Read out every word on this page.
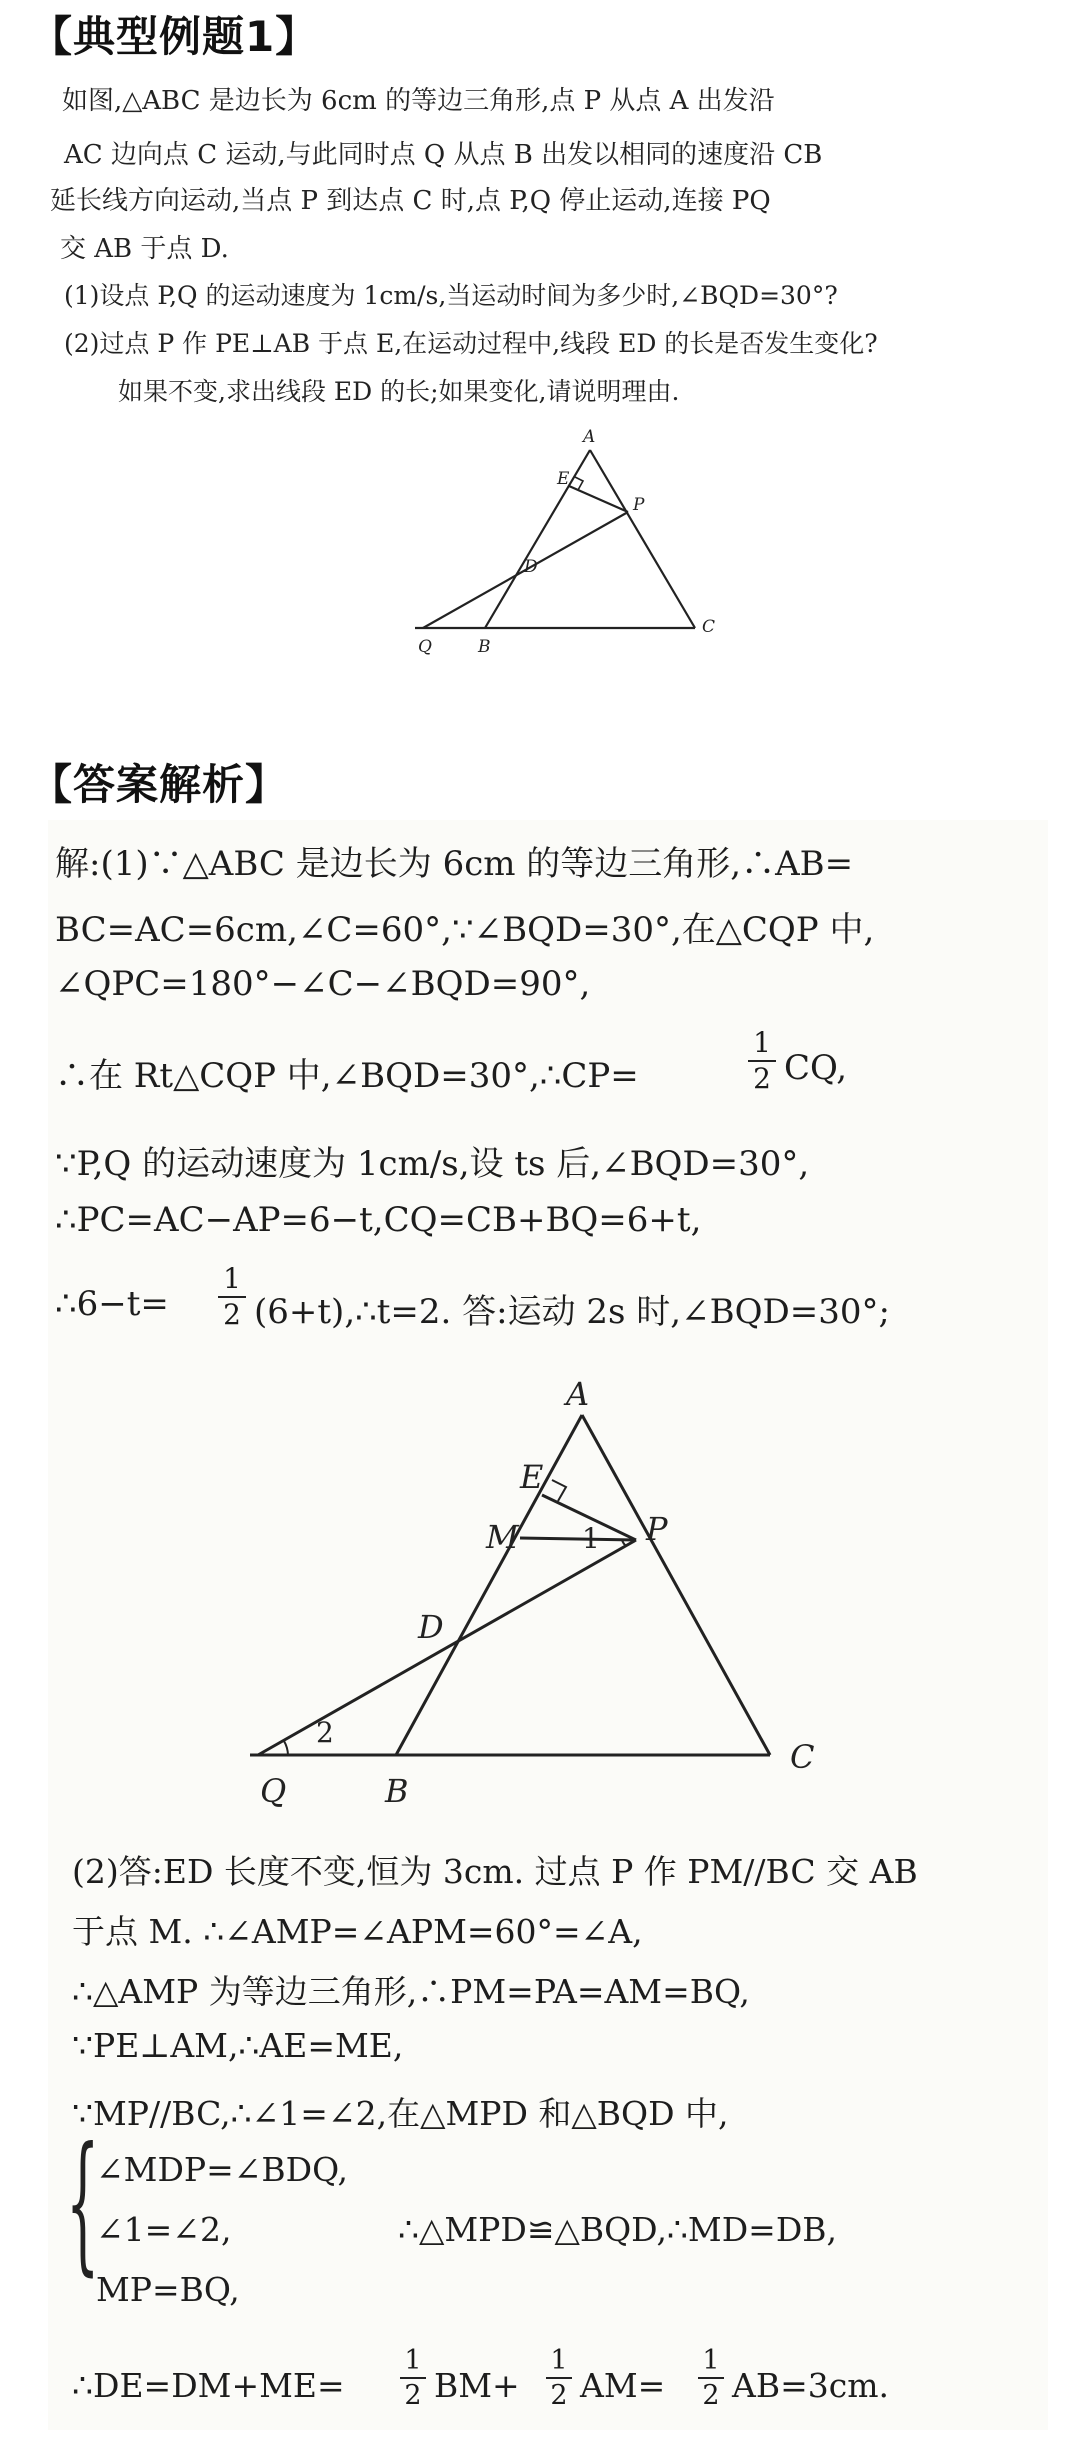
【典型例题1】
如图,△ABC 是边长为 6cm 的等边三角形,点 P 从点 A 出发沿
AC 边向点 C 运动,与此同时点 Q 从点 B 出发以相同的速度沿 CB
延长线方向运动,当点 P 到达点 C 时,点 P,Q 停止运动,连接 PQ
交 AB 于点 D.
(1)设点 P,Q 的运动速度为 1cm/s,当运动时间为多少时,∠BQD=30°?
(2)过点 P 作 PE⊥AB 于点 E,在运动过程中,线段 ED 的长是否发生变化?
如果不变,求出线段 ED 的长;如果变化,请说明理由.
A
E
P
D
Q	B
C
【答案解析】
解:(1)∵△ABC 是边长为 6cm 的等边三角形,∴AB=
BC=AC=6cm,∠C=60°,∵∠BQD=30°,在△CQP 中,
∠QPC=180°−∠C−∠BQD=90°,
∴在 Rt△CQP 中,∠BQD=30°,∴CP=
1
2 CQ,
∵P,Q 的运动速度为 1cm/s,设 ts 后,∠BQD=30°,
∴PC=AC−AP=6−t,CQ=CB+BQ=6+t,
∴6−t=
1
2 (6+t),∴t=2. 答:运动 2s 时,∠BQD=30°;
A
E
M	P
D
Q	B
C
1
2
(2)答:ED 长度不变,恒为 3cm. 过点 P 作 PM//BC 交 AB
于点 M. ∴∠AMP=∠APM=60°=∠A,
∴△AMP 为等边三角形,∴PM=PA=AM=BQ,
∵PE⊥AM,∴AE=ME,
∵MP//BC,∴∠1=∠2,在△MPD 和△BQD 中,
{
∠MDP=∠BDQ,
∠1=∠2,
MP=BQ,
∴△MPD≌△BQD,∴MD=DB,
∴DE=DM+ME=
1
2 BM+
1
2 AM=
1
2 AB=3cm.
